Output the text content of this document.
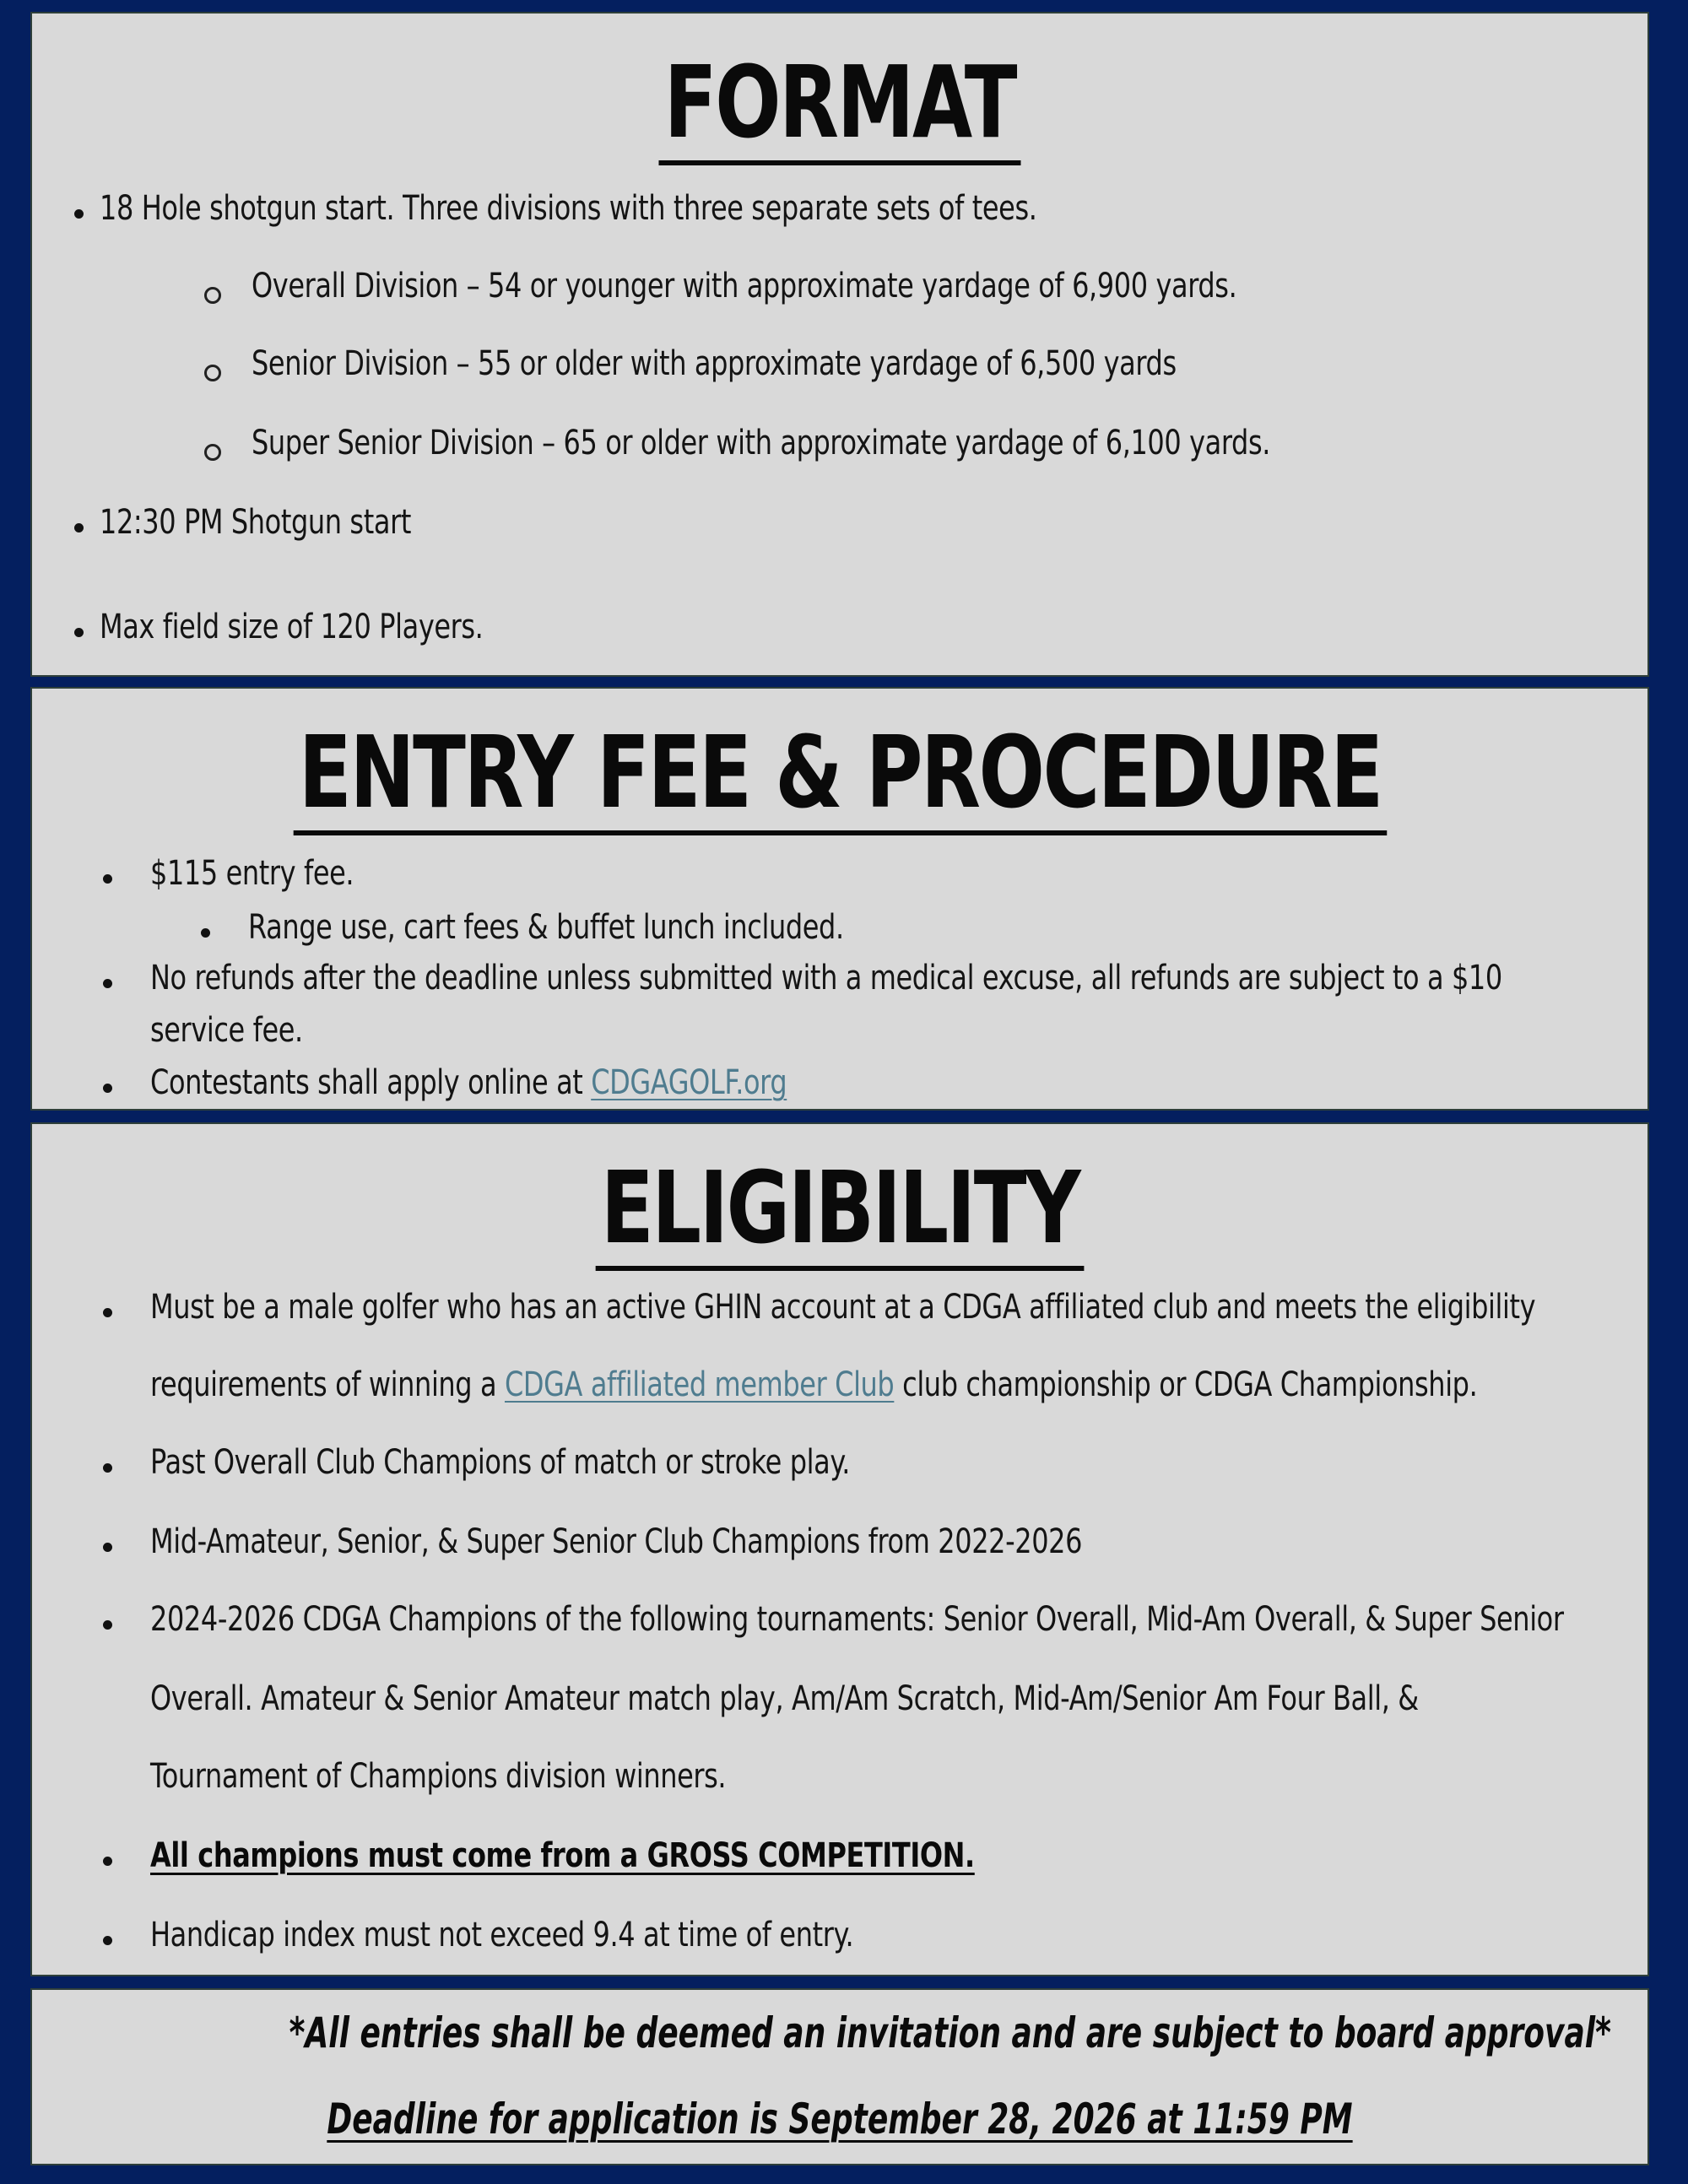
FORMAT
18 Hole shotgun start. Three divisions with three separate sets of tees.
Overall Division – 54 or younger with approximate yardage of 6,900 yards.
Senior Division – 55 or older with approximate yardage of 6,500 yards
Super Senior Division – 65 or older with approximate yardage of 6,100 yards.
12:30 PM Shotgun start
Max field size of 120 Players.
ENTRY FEE & PROCEDURE
$115 entry fee.
Range use, cart fees & buffet lunch included.
No refunds after the deadline unless submitted with a medical excuse, all refunds are subject to a $10
service fee.
Contestants shall apply online at CDGAGOLF.org
ELIGIBILITY
Must be a male golfer who has an active GHIN account at a CDGA affiliated club and meets the eligibility
requirements of winning a CDGA affiliated member Club club championship or CDGA Championship.
Past Overall Club Champions of match or stroke play.
Mid-Amateur, Senior, & Super Senior Club Champions from 2022-2026
2024-2026 CDGA Champions of the following tournaments: Senior Overall, Mid-Am Overall, & Super Senior
Overall. Amateur & Senior Amateur match play, Am/Am Scratch, Mid-Am/Senior Am Four Ball, &
Tournament of Champions division winners.
All champions must come from a GROSS COMPETITION.
Handicap index must not exceed 9.4 at time of entry.
*All entries shall be deemed an invitation and are subject to board approval*
Deadline for application is September 28, 2026 at 11:59 PM
